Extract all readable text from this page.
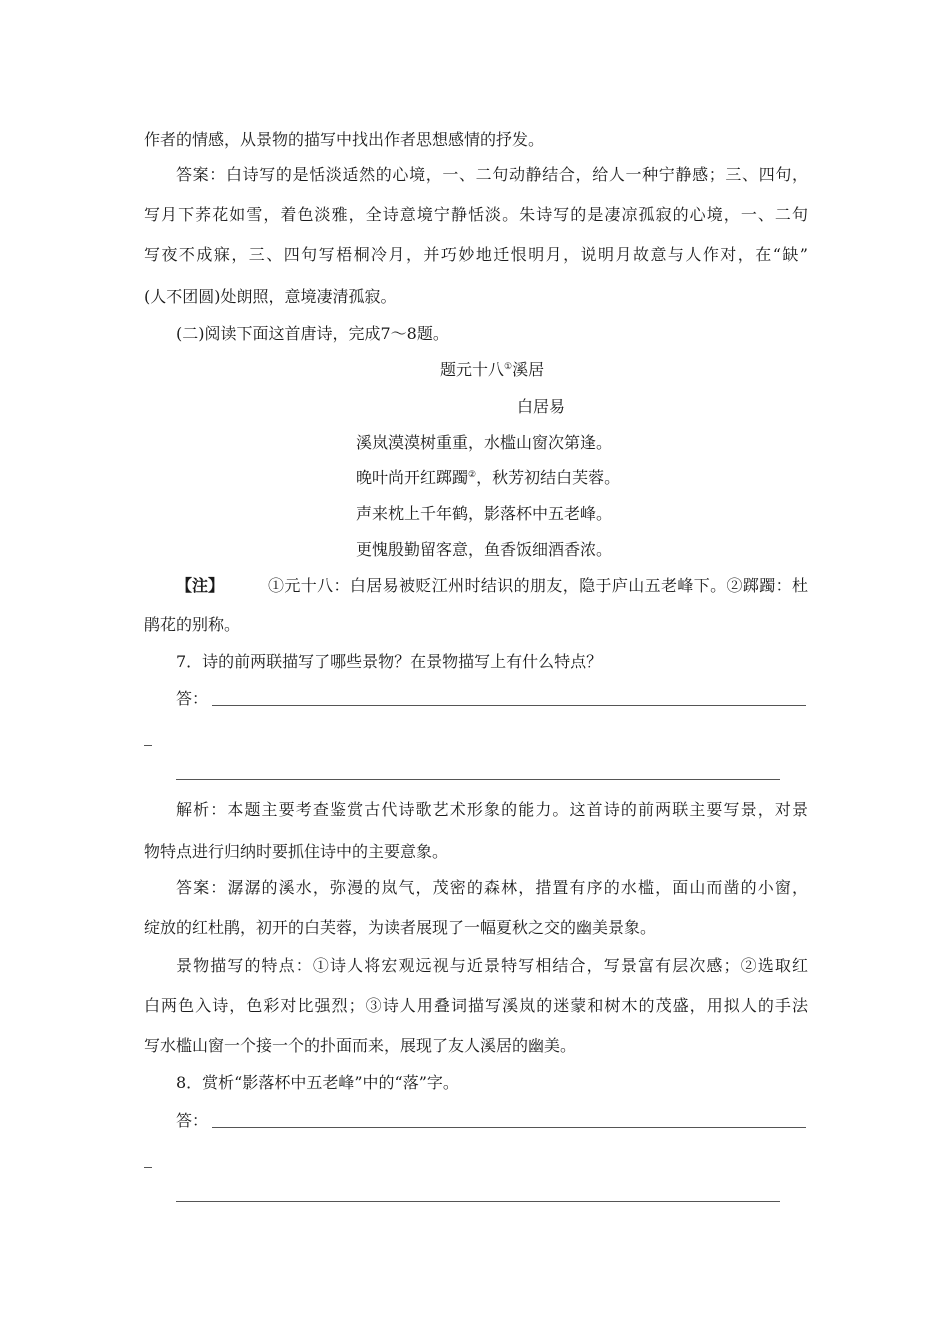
作者的情感，从景物的描写中找出作者思想感情的抒发。
答案：白诗写的是恬淡适然的心境，一、二句动静结合，给人一种宁静感；三、四句，
写月下荞花如雪，着色淡雅，全诗意境宁静恬淡。朱诗写的是凄凉孤寂的心境，一、二句
写夜不成寐，三、四句写梧桐冷月，并巧妙地迁恨明月，说明月故意与人作对，在“缺”
(人不团圆)处朗照，意境凄清孤寂。
(二)阅读下面这首唐诗，完成7～8题。
题元十八①溪居
白居易
溪岚漠漠树重重，水槛山窗次第逢。
晚叶尚开红踯躅②，秋芳初结白芙蓉。
声来枕上千年鹤，影落杯中五老峰。
更愧殷勤留客意，鱼香饭细酒香浓。
【注】	①元十八：白居易被贬江州时结识的朋友，隐于庐山五老峰下。②踯躅：杜
鹃花的别称。
7．诗的前两联描写了哪些景物？在景物描写上有什么特点？
答：
解析：本题主要考查鉴赏古代诗歌艺术形象的能力。这首诗的前两联主要写景，对景
物特点进行归纳时要抓住诗中的主要意象。
答案：潺潺的溪水，弥漫的岚气，茂密的森林，措置有序的水槛，面山而凿的小窗，
绽放的红杜鹃，初开的白芙蓉，为读者展现了一幅夏秋之交的幽美景象。
景物描写的特点：①诗人将宏观远视与近景特写相结合，写景富有层次感；②选取红
白两色入诗，色彩对比强烈；③诗人用叠词描写溪岚的迷蒙和树木的茂盛，用拟人的手法
写水槛山窗一个接一个的扑面而来，展现了友人溪居的幽美。
8．赏析“影落杯中五老峰”中的“落”字。
答：
